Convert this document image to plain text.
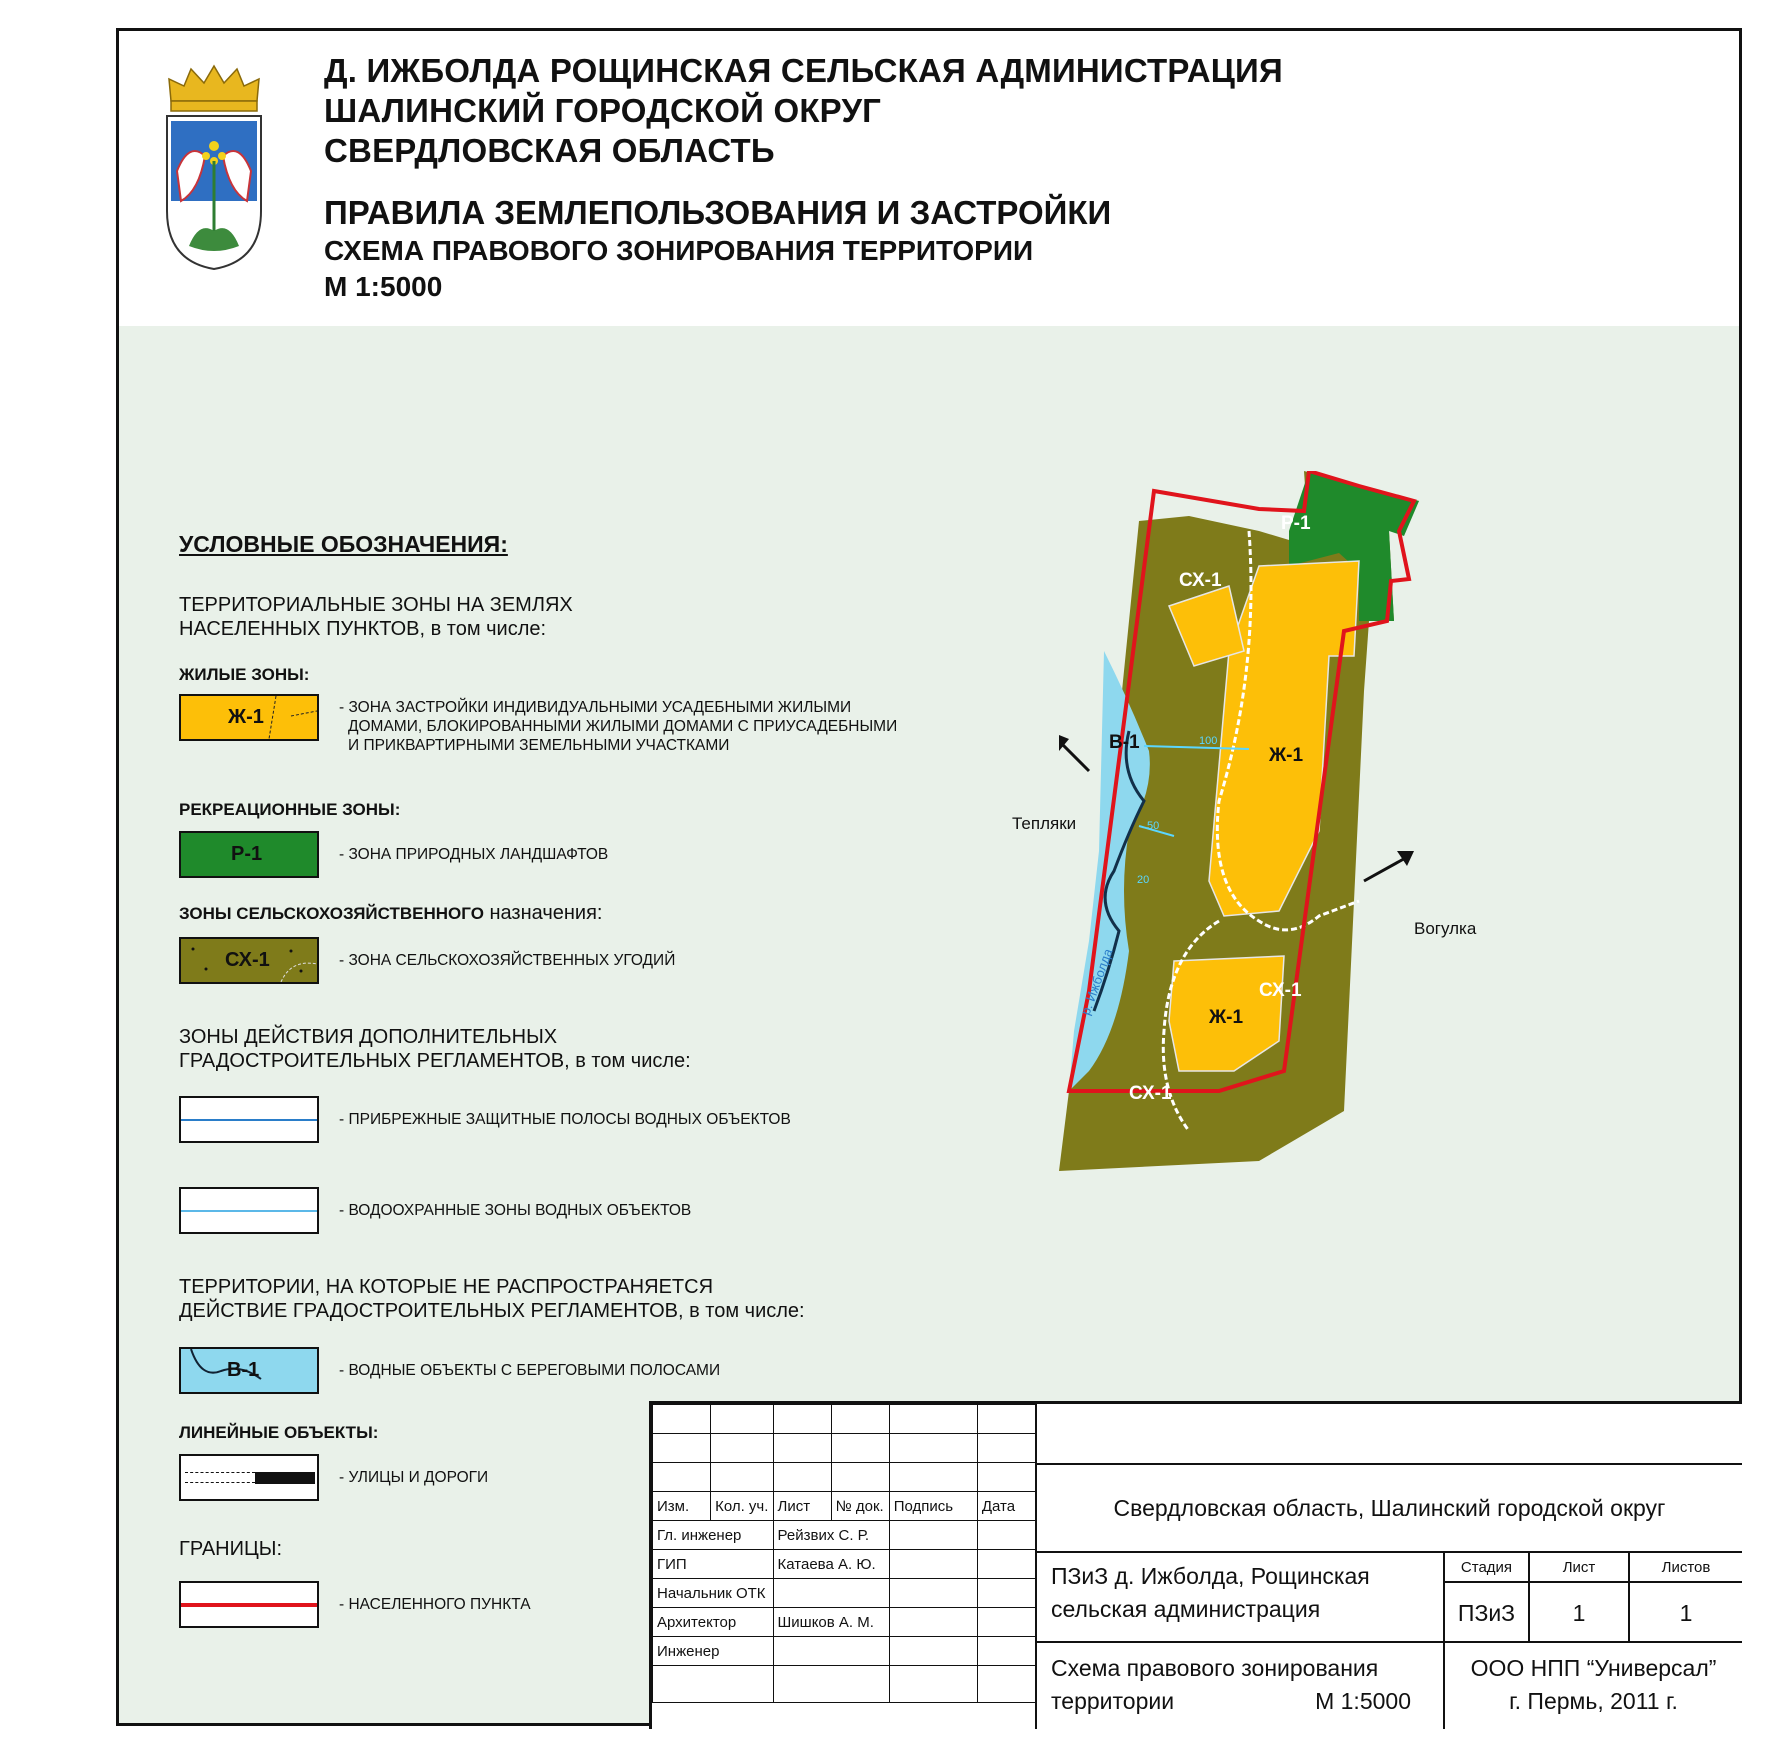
Д. ИЖБОЛДА РОЩИНСКАЯ СЕЛЬСКАЯ АДМИНИСТРАЦИЯ
ШАЛИНСКИЙ ГОРОДСКОЙ ОКРУГ
СВЕРДЛОВСКАЯ ОБЛАСТЬ
ПРАВИЛА ЗЕМЛЕПОЛЬЗОВАНИЯ И ЗАСТРОЙКИ
СХЕМА ПРАВОВОГО ЗОНИРОВАНИЯ ТЕРРИТОРИИ
М 1:5000
УСЛОВНЫЕ ОБОЗНАЧЕНИЯ:
ТЕРРИТОРИАЛЬНЫЕ ЗОНЫ НА ЗЕМЛЯХ
НАСЕЛЕННЫХ ПУНКТОВ, в том числе:
ЖИЛЫЕ ЗОНЫ:
Ж-1	- ЗОНА ЗАСТРОЙКИ ИНДИВИДУАЛЬНЫМИ УСАДЕБНЫМИ ЖИЛЫМИ
ДОМАМИ, БЛОКИРОВАННЫМИ ЖИЛЫМИ ДОМАМИ С ПРИУСАДЕБНЫМИ
И ПРИКВАРТИРНЫМИ ЗЕМЕЛЬНЫМИ УЧАСТКАМИ
РЕКРЕАЦИОННЫЕ ЗОНЫ:
Р-1	- ЗОНА ПРИРОДНЫХ ЛАНДШАФТОВ
ЗОНЫ СЕЛЬСКОХОЗЯЙСТВЕННОГО назначения:
СХ-1	- ЗОНА СЕЛЬСКОХОЗЯЙСТВЕННЫХ УГОДИЙ
ЗОНЫ ДЕЙСТВИЯ ДОПОЛНИТЕЛЬНЫХ
ГРАДОСТРОИТЕЛЬНЫХ РЕГЛАМЕНТОВ, в том числе:
- ПРИБРЕЖНЫЕ ЗАЩИТНЫЕ ПОЛОСЫ ВОДНЫХ ОБЪЕКТОВ
- ВОДООХРАННЫЕ ЗОНЫ ВОДНЫХ ОБЪЕКТОВ
ТЕРРИТОРИИ, НА КОТОРЫЕ НЕ РАСПРОСТРАНЯЕТСЯ
ДЕЙСТВИЕ ГРАДОСТРОИТЕЛЬНЫХ РЕГЛАМЕНТОВ, в том числе:
В-1	- ВОДНЫЕ ОБЪЕКТЫ С БЕРЕГОВЫМИ ПОЛОСАМИ
ЛИНЕЙНЫЕ ОБЪЕКТЫ:
- УЛИЦЫ И ДОРОГИ
ГРАНИЦЫ:
- НАСЕЛЕННОГО ПУНКТА
Р-1
СХ-1
В-1
Ж-1
СХ-1
Ж-1
СХ-1
100
50
20
р. Ижболда
Тепляки
Вогулка

Изм.	Кол. уч.	Лист	№ док.	Подпись	Дата
Гл. инженер		Рейзвих С. Р.			
ГИП		Катаева А. Ю.			
Начальник ОТК					
Архитектор		Шишков А. М.			
Инженер					

Свердловская область, Шалинский городской округ
ПЗиЗ д. Ижболда, Рощинская
сельская администрация
Стадия	Лист	Листов
ПЗиЗ	1	1
Схема правового зонирования
территории	М 1:5000
ООО НПП “Универсал”
г. Пермь, 2011 г.
